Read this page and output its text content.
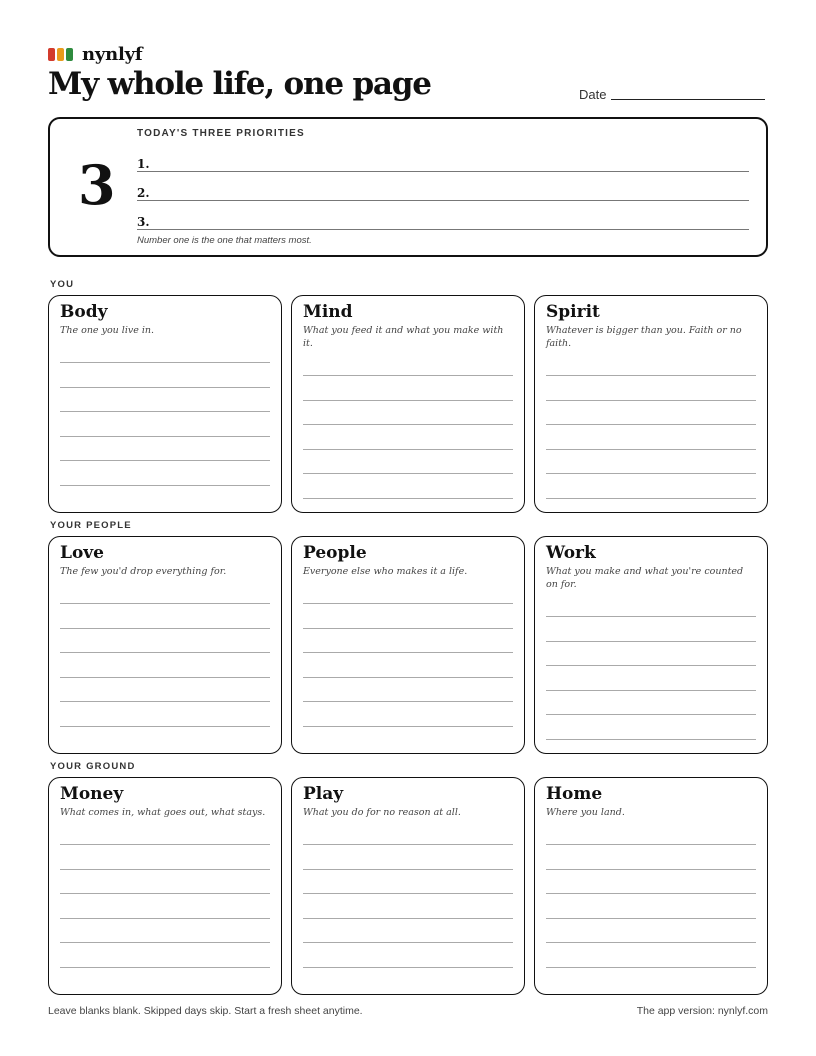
nynlyf
My whole life, one page	Date
3
TODAY'S THREE PRIORITIES
1.
2.
3.
Number one is the one that matters most.
YOU
YOUR PEOPLE
YOUR GROUND
Body
The one you live in.
Mind
What you feed it and what you make with it.
Spirit
Whatever is bigger than you. Faith or no faith.
Love
The few you'd drop everything for.
People
Everyone else who makes it a life.
Work
What you make and what you're counted on for.
Money
What comes in, what goes out, what stays.
Play
What you do for no reason at all.
Home
Where you land.
Leave blanks blank. Skipped days skip. Start a fresh sheet anytime.	The app version: nynlyf.com
